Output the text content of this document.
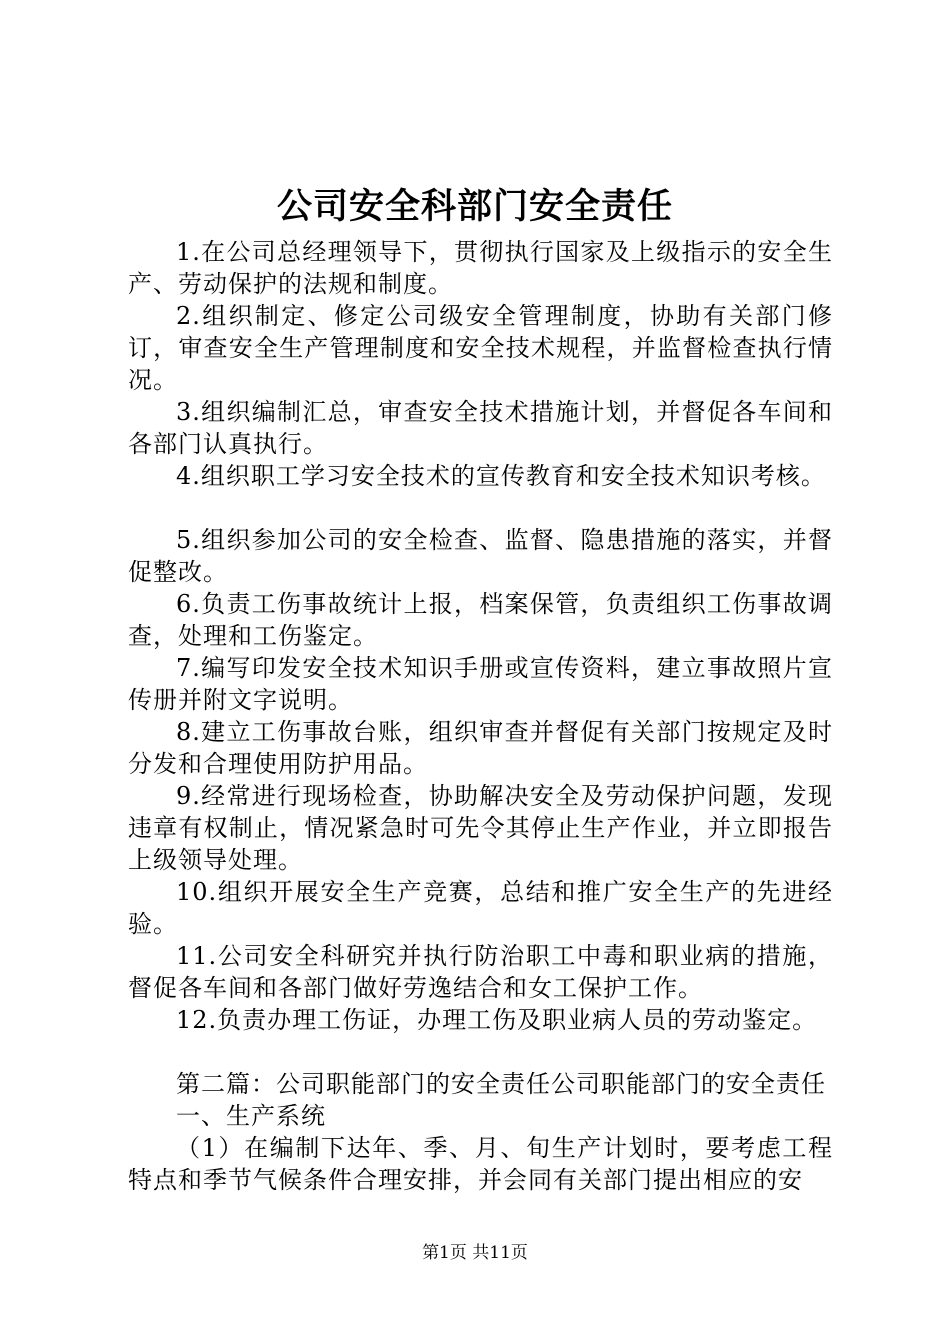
公司安全科部门安全责任

1.在公司总经理领导下，贯彻执行国家及上级指示的安全生产、劳动保护的法规和制度。

2.组织制定、修定公司级安全管理制度，协助有关部门修订，审查安全生产管理制度和安全技术规程，并监督检查执行情况。

3.组织编制汇总，审查安全技术措施计划，并督促各车间和各部门认真执行。

4.组织职工学习安全技术的宣传教育和安全技术知识考核。

5.组织参加公司的安全检查、监督、隐患措施的落实，并督促整改。

6.负责工伤事故统计上报，档案保管，负责组织工伤事故调查，处理和工伤鉴定。

7.编写印发安全技术知识手册或宣传资料，建立事故照片宣传册并附文字说明。

8.建立工伤事故台账，组织审查并督促有关部门按规定及时分发和合理使用防护用品。

9.经常进行现场检查，协助解决安全及劳动保护问题，发现违章有权制止，情况紧急时可先令其停止生产作业，并立即报告上级领导处理。

10.组织开展安全生产竞赛，总结和推广安全生产的先进经验。

11.公司安全科研究并执行防治职工中毒和职业病的措施，督促各车间和各部门做好劳逸结合和女工保护工作。

12.负责办理工伤证，办理工伤及职业病人员的劳动鉴定。

第二篇：公司职能部门的安全责任公司职能部门的安全责任

一、生产系统

（1）在编制下达年、季、月、旬生产计划时，要考虑工程特点和季节气候条件合理安排，并会同有关部门提出相应的安

第1页 共11页
